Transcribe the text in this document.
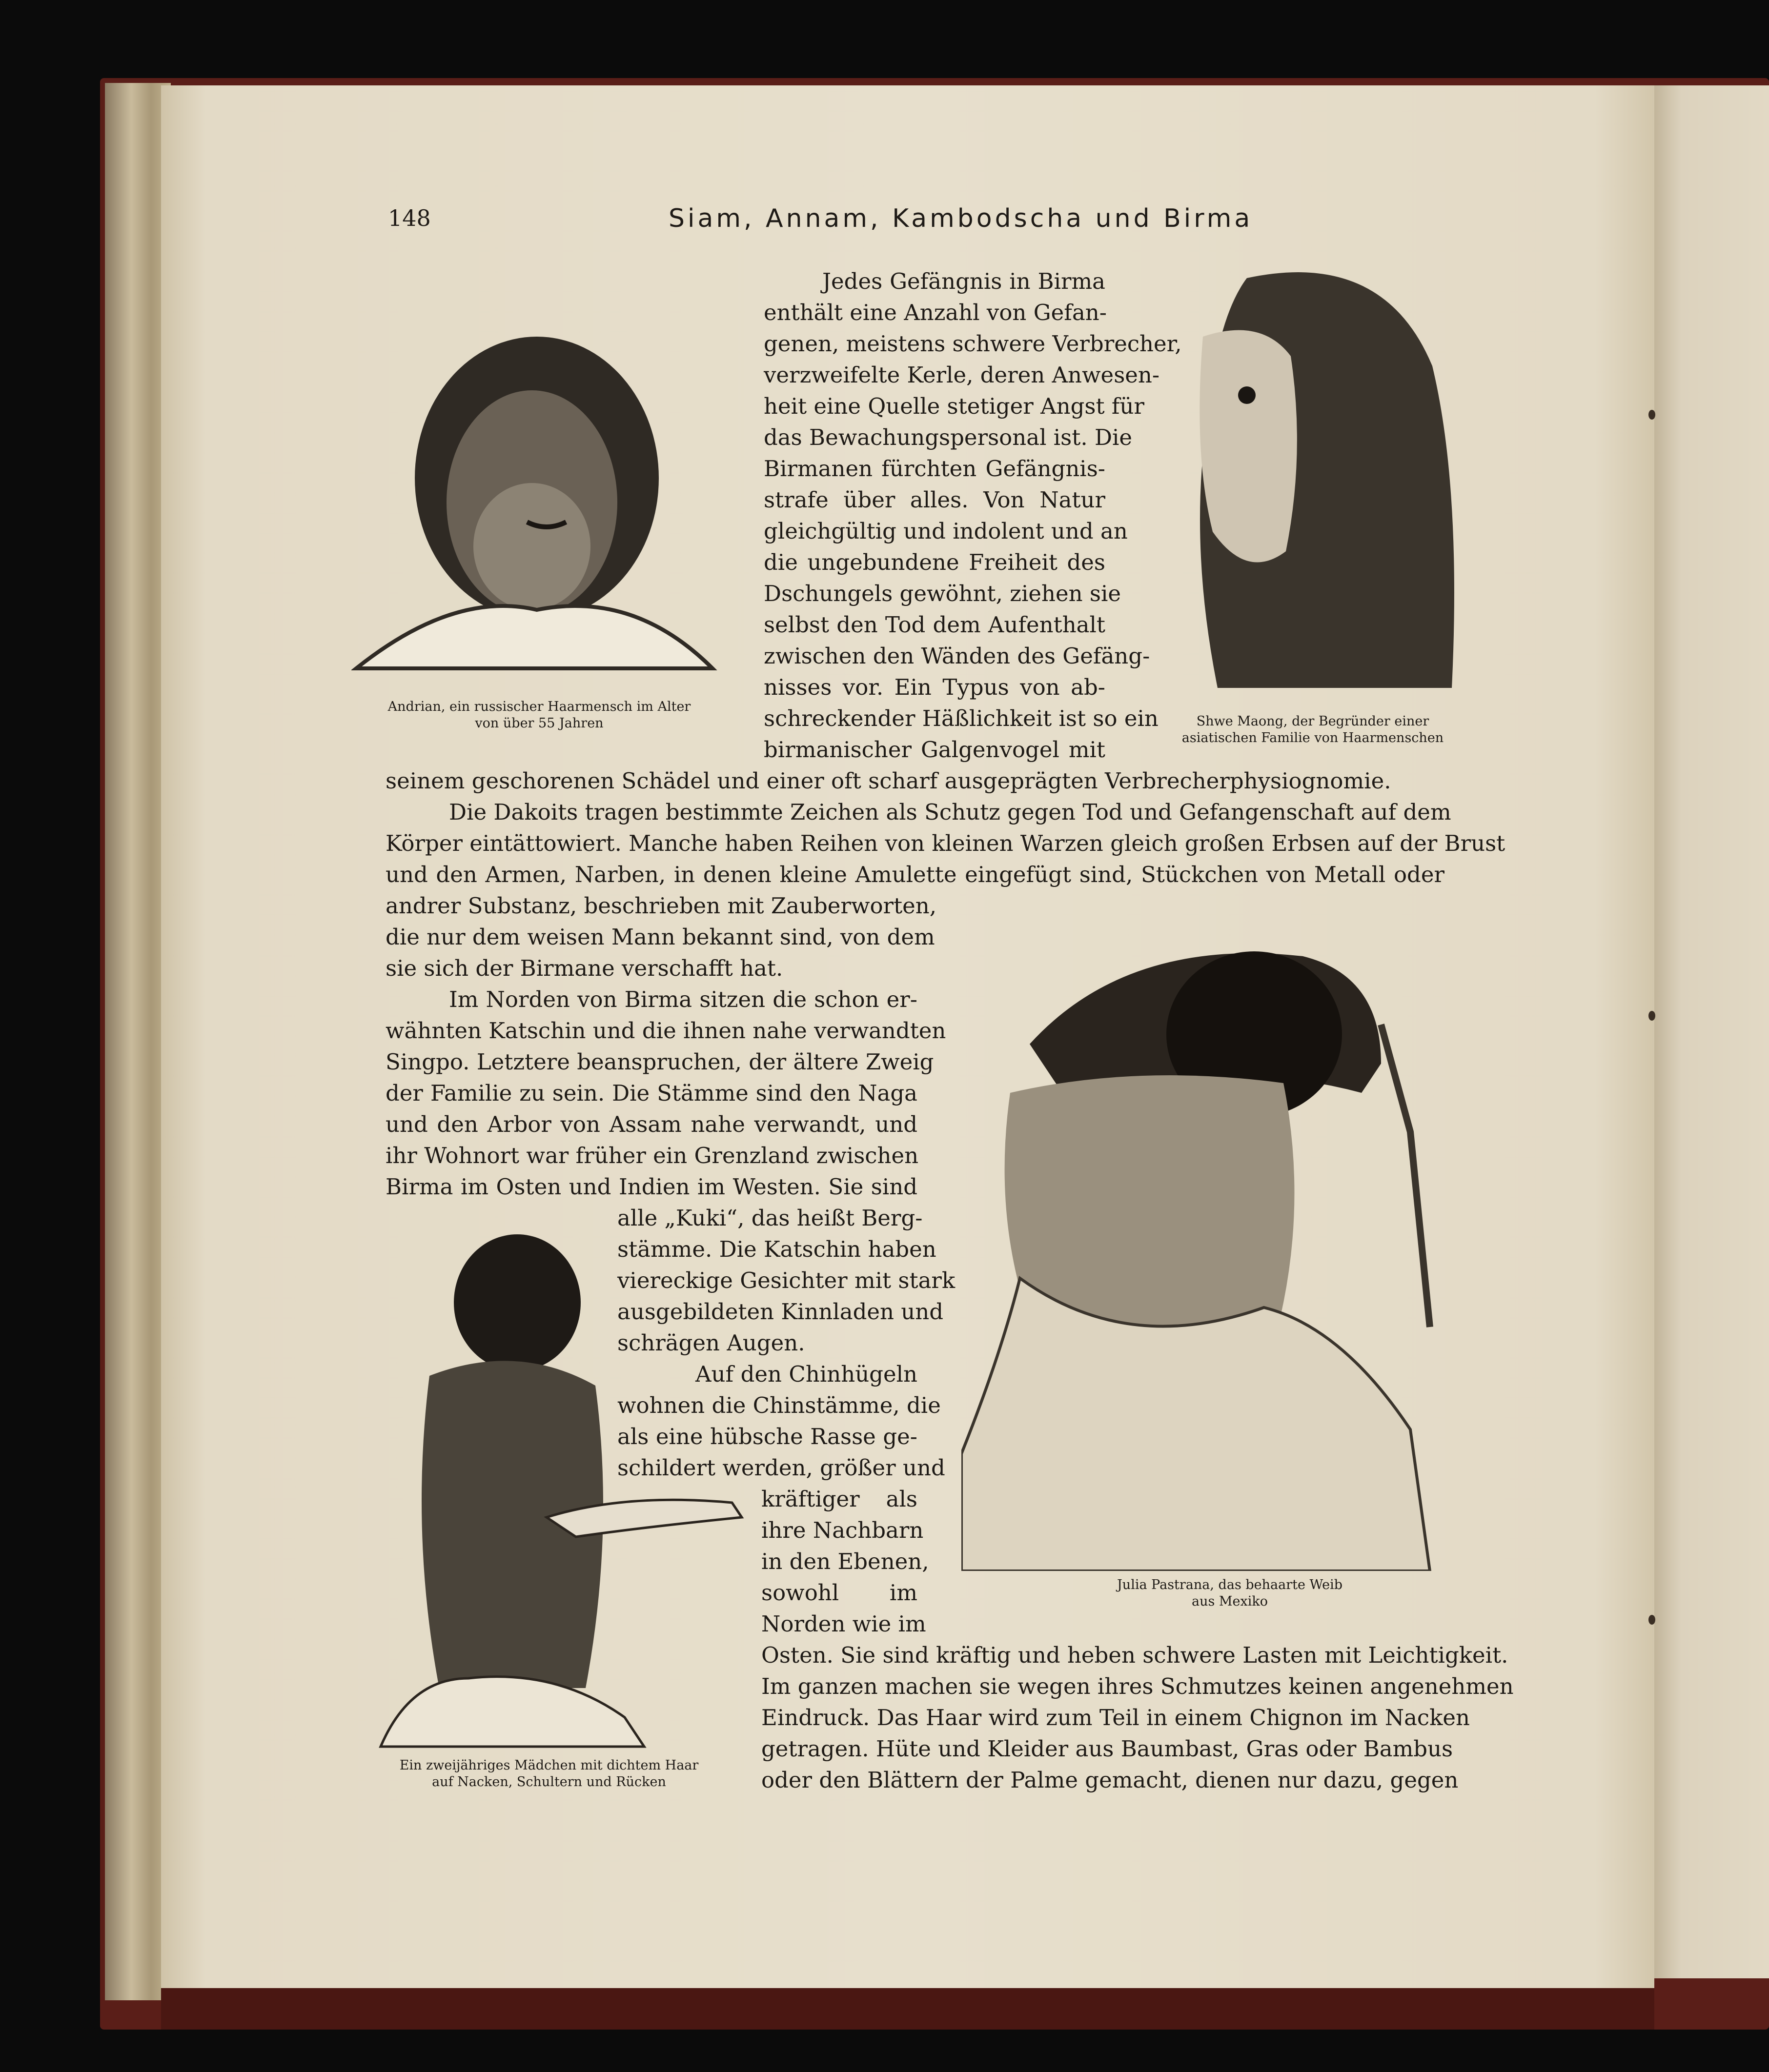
148	Siam, Annam, Kambodscha und Birma
Andrian, ein russischer Haarmensch im Alter
von über 55 Jahren	Shwe Maong, der Begründer einer
asiatischen Familie von Haarmenschen
Julia Pastrana, das behaarte Weib
aus Mexiko
Ein zweijähriges Mädchen mit dichtem Haar
auf Nacken, Schultern und Rücken
Jedes Gefängnis in Birma
enthält eine Anzahl von Gefan-
genen, meistens schwere Verbrecher,
verzweifelte Kerle, deren Anwesen-
heit eine Quelle stetiger Angst für
das Bewachungspersonal ist. Die
Birmanen fürchten Gefängnis-
strafe über alles. Von Natur
gleichgültig und indolent und an
die ungebundene Freiheit des
Dschungels gewöhnt, ziehen sie
selbst den Tod dem Aufenthalt
zwischen den Wänden des Gefäng-
nisses vor. Ein Typus von ab-
schreckender Häßlichkeit ist so ein
birmanischer Galgenvogel mit
seinem geschorenen Schädel und einer oft scharf ausgeprägten Verbrecherphysiognomie.
Die Dakoits tragen bestimmte Zeichen als Schutz gegen Tod und Gefangenschaft auf dem
Körper eintättowiert. Manche haben Reihen von kleinen Warzen gleich großen Erbsen auf der Brust
und den Armen, Narben, in denen kleine Amulette eingefügt sind, Stückchen von Metall oder
andrer Substanz, beschrieben mit Zauberworten,
die nur dem weisen Mann bekannt sind, von dem
sie sich der Birmane verschafft hat.
Im Norden von Birma sitzen die schon er-
wähnten Katschin und die ihnen nahe verwandten
Singpo. Letztere beanspruchen, der ältere Zweig
der Familie zu sein. Die Stämme sind den Naga
und den Arbor von Assam nahe verwandt, und
ihr Wohnort war früher ein Grenzland zwischen
Birma im Osten und Indien im Westen. Sie sind
alle „Kuki“, das heißt Berg-
stämme. Die Katschin haben
viereckige Gesichter mit stark
ausgebildeten Kinnladen und
schrägen Augen.
Auf den Chinhügeln
wohnen die Chinstämme, die
als eine hübsche Rasse ge-
schildert werden, größer und
kräftiger als
ihre Nachbarn
in den Ebenen,
sowohl im
Norden wie im
Osten. Sie sind kräftig und heben schwere Lasten mit Leichtigkeit.
Im ganzen machen sie wegen ihres Schmutzes keinen angenehmen
Eindruck. Das Haar wird zum Teil in einem Chignon im Nacken
getragen. Hüte und Kleider aus Baumbast, Gras oder Bambus
oder den Blättern der Palme gemacht, dienen nur dazu, gegen
